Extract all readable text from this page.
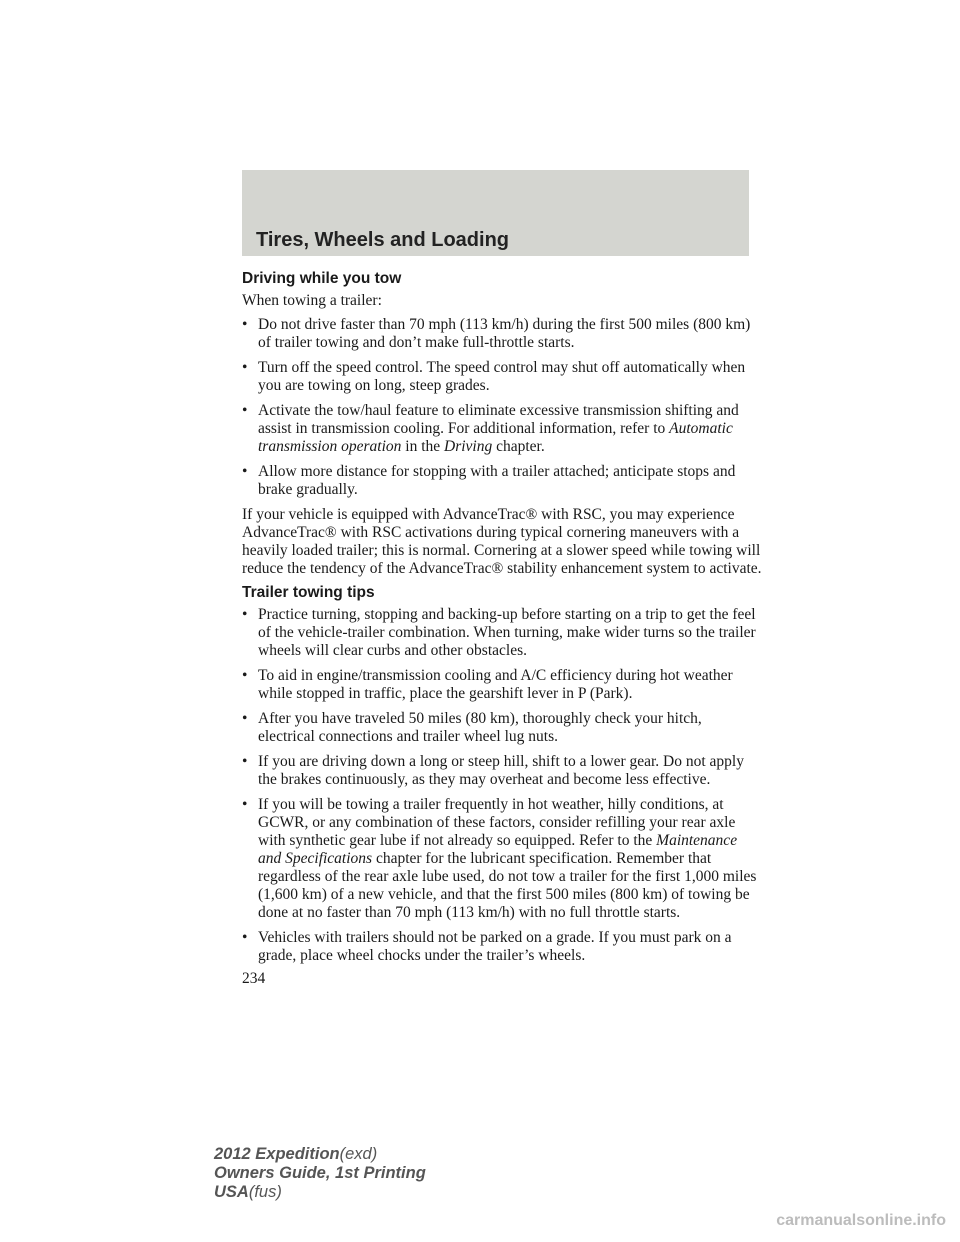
Tires, Wheels and Loading
Driving while you tow

When towing a trailer:

• Do not drive faster than 70 mph (113 km/h) during the first 500 miles (800 km) of trailer towing and don’t make full-throttle starts.
• Turn off the speed control. The speed control may shut off automatically when you are towing on long, steep grades.
• Activate the tow/haul feature to eliminate excessive transmission shifting and assist in transmission cooling. For additional information, refer to Automatic transmission operation in the Driving chapter.
• Allow more distance for stopping with a trailer attached; anticipate stops and brake gradually.

If your vehicle is equipped with AdvanceTrac® with RSC, you may experience AdvanceTrac® with RSC activations during typical cornering maneuvers with a heavily loaded trailer; this is normal. Cornering at a slower speed while towing will reduce the tendency of the AdvanceTrac® stability enhancement system to activate.

Trailer towing tips
• Practice turning, stopping and backing-up before starting on a trip to get the feel of the vehicle-trailer combination. When turning, make wider turns so the trailer wheels will clear curbs and other obstacles.
• To aid in engine/transmission cooling and A/C efficiency during hot weather while stopped in traffic, place the gearshift lever in P (Park).
• After you have traveled 50 miles (80 km), thoroughly check your hitch, electrical connections and trailer wheel lug nuts.
• If you are driving down a long or steep hill, shift to a lower gear. Do not apply the brakes continuously, as they may overheat and become less effective.
• If you will be towing a trailer frequently in hot weather, hilly conditions, at GCWR, or any combination of these factors, consider refilling your rear axle with synthetic gear lube if not already so equipped. Refer to the Maintenance and Specifications chapter for the lubricant specification. Remember that regardless of the rear axle lube used, do not tow a trailer for the first 1,000 miles (1,600 km) of a new vehicle, and that the first 500 miles (800 km) of towing be done at no faster than 70 mph (113 km/h) with no full throttle starts.
• Vehicles with trailers should not be parked on a grade. If you must park on a grade, place wheel chocks under the trailer’s wheels.
234
2012 Expedition(exd)
Owners Guide, 1st Printing
USA(fus)
carmanualsonline.info
